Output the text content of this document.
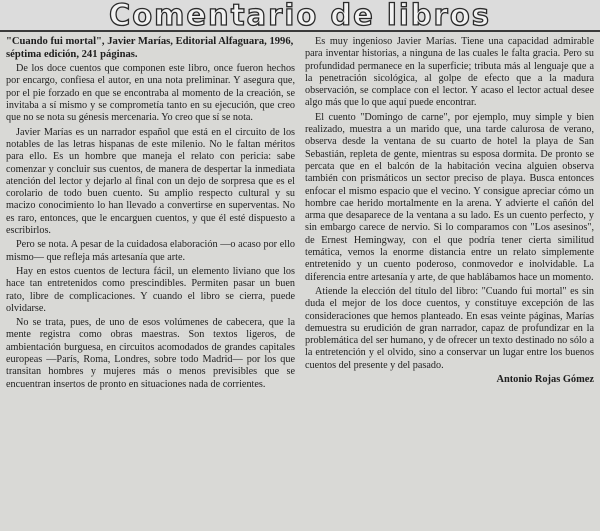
Comentario de libros

"Cuando fui mortal", Javier Marías, Editorial Alfaguara, 1996, séptima edición, 241 páginas.

De los doce cuentos que componen este libro, once fueron hechos por encargo, confiesa el autor, en una nota preliminar. Y asegura que, por el pie forzado en que se encontraba al momento de la creación, se invitaba a sí mismo y se comprometía tanto en su ejecución, que creo que no se nota su génesis mercenaria. Yo creo que sí se nota.

Javier Marías es un narrador español que está en el circuito de los notables de las letras hispanas de este milenio. No le faltan méritos para ello. Es un hombre que maneja el relato con pericia: sabe comenzar y concluir sus cuentos, de manera de despertar la inmediata atención del lector y dejarlo al final con un dejo de sorpresa que es el corolario de todo buen cuento. Su amplio respecto cultural y su macizo conocimiento lo han llevado a convertirse en superventas. No es raro, entonces, que le encarguen cuentos, y que él esté dispuesto a escribirlos.

Pero se nota. A pesar de la cuidadosa elaboración —o acaso por ello mismo— que refleja más artesanía que arte.

Hay en estos cuentos de lectura fácil, un elemento liviano que los hace tan entretenidos como prescindibles. Permiten pasar un buen rato, libre de complicaciones. Y cuando el libro se cierra, puede olvidarse.

No se trata, pues, de uno de esos volúmenes de cabecera, que la mente registra como obras maestras. Son textos ligeros, de ambientación burguesa, en circuitos acomodados de grandes capitales europeas —París, Roma, Londres, sobre todo Madrid— por los que transitan hombres y mujeres más o menos previsibles que se encuentran insertos de pronto en situaciones nada de corrientes.

Es muy ingenioso Javier Marías. Tiene una capacidad admirable para inventar historias, a ninguna de las cuales le falta gracia. Pero su profundidad permanece en la superficie; tributa más al lenguaje que a la penetración sicológica, al golpe de efecto que a la madura observación, se complace con el lector. Y acaso el lector actual desee algo más que lo que aquí puede encontrar.

El cuento "Domingo de carne", por ejemplo, muy simple y bien realizado, muestra a un marido que, una tarde calurosa de verano, observa desde la ventana de su cuarto de hotel la playa de San Sebastián, repleta de gente, mientras su esposa dormita. De pronto se percata que en el balcón de la habitación vecina alguien observa también con prismáticos un sector preciso de playa. Busca entonces enfocar el mismo espacio que el vecino. Y consigue apreciar cómo un hombre cae herido mortalmente en la arena. Y advierte el cañón del arma que desaparece de la ventana a su lado. Es un cuento perfecto, y sin embargo carece de nervio. Si lo comparamos con "Los asesinos", de Ernest Hemingway, con el que podría tener cierta similitud temática, vemos la enorme distancia entre un relato simplemente entretenido y un cuento poderoso, conmovedor e inolvidable. La diferencia entre artesanía y arte, de que hablábamos hace un momento.

Atiende la elección del título del libro: "Cuando fui mortal" es sin duda el mejor de los doce cuentos, y constituye excepción de las consideraciones que hemos planteado. En esas veinte páginas, Marías demuestra su erudición de gran narrador, capaz de profundizar en la problemática del ser humano, y de ofrecer un texto destinado no sólo a la entretención y el olvido, sino a conservar un lugar entre los buenos cuentos del presente y del pasado.

Antonio Rojas Gómez
